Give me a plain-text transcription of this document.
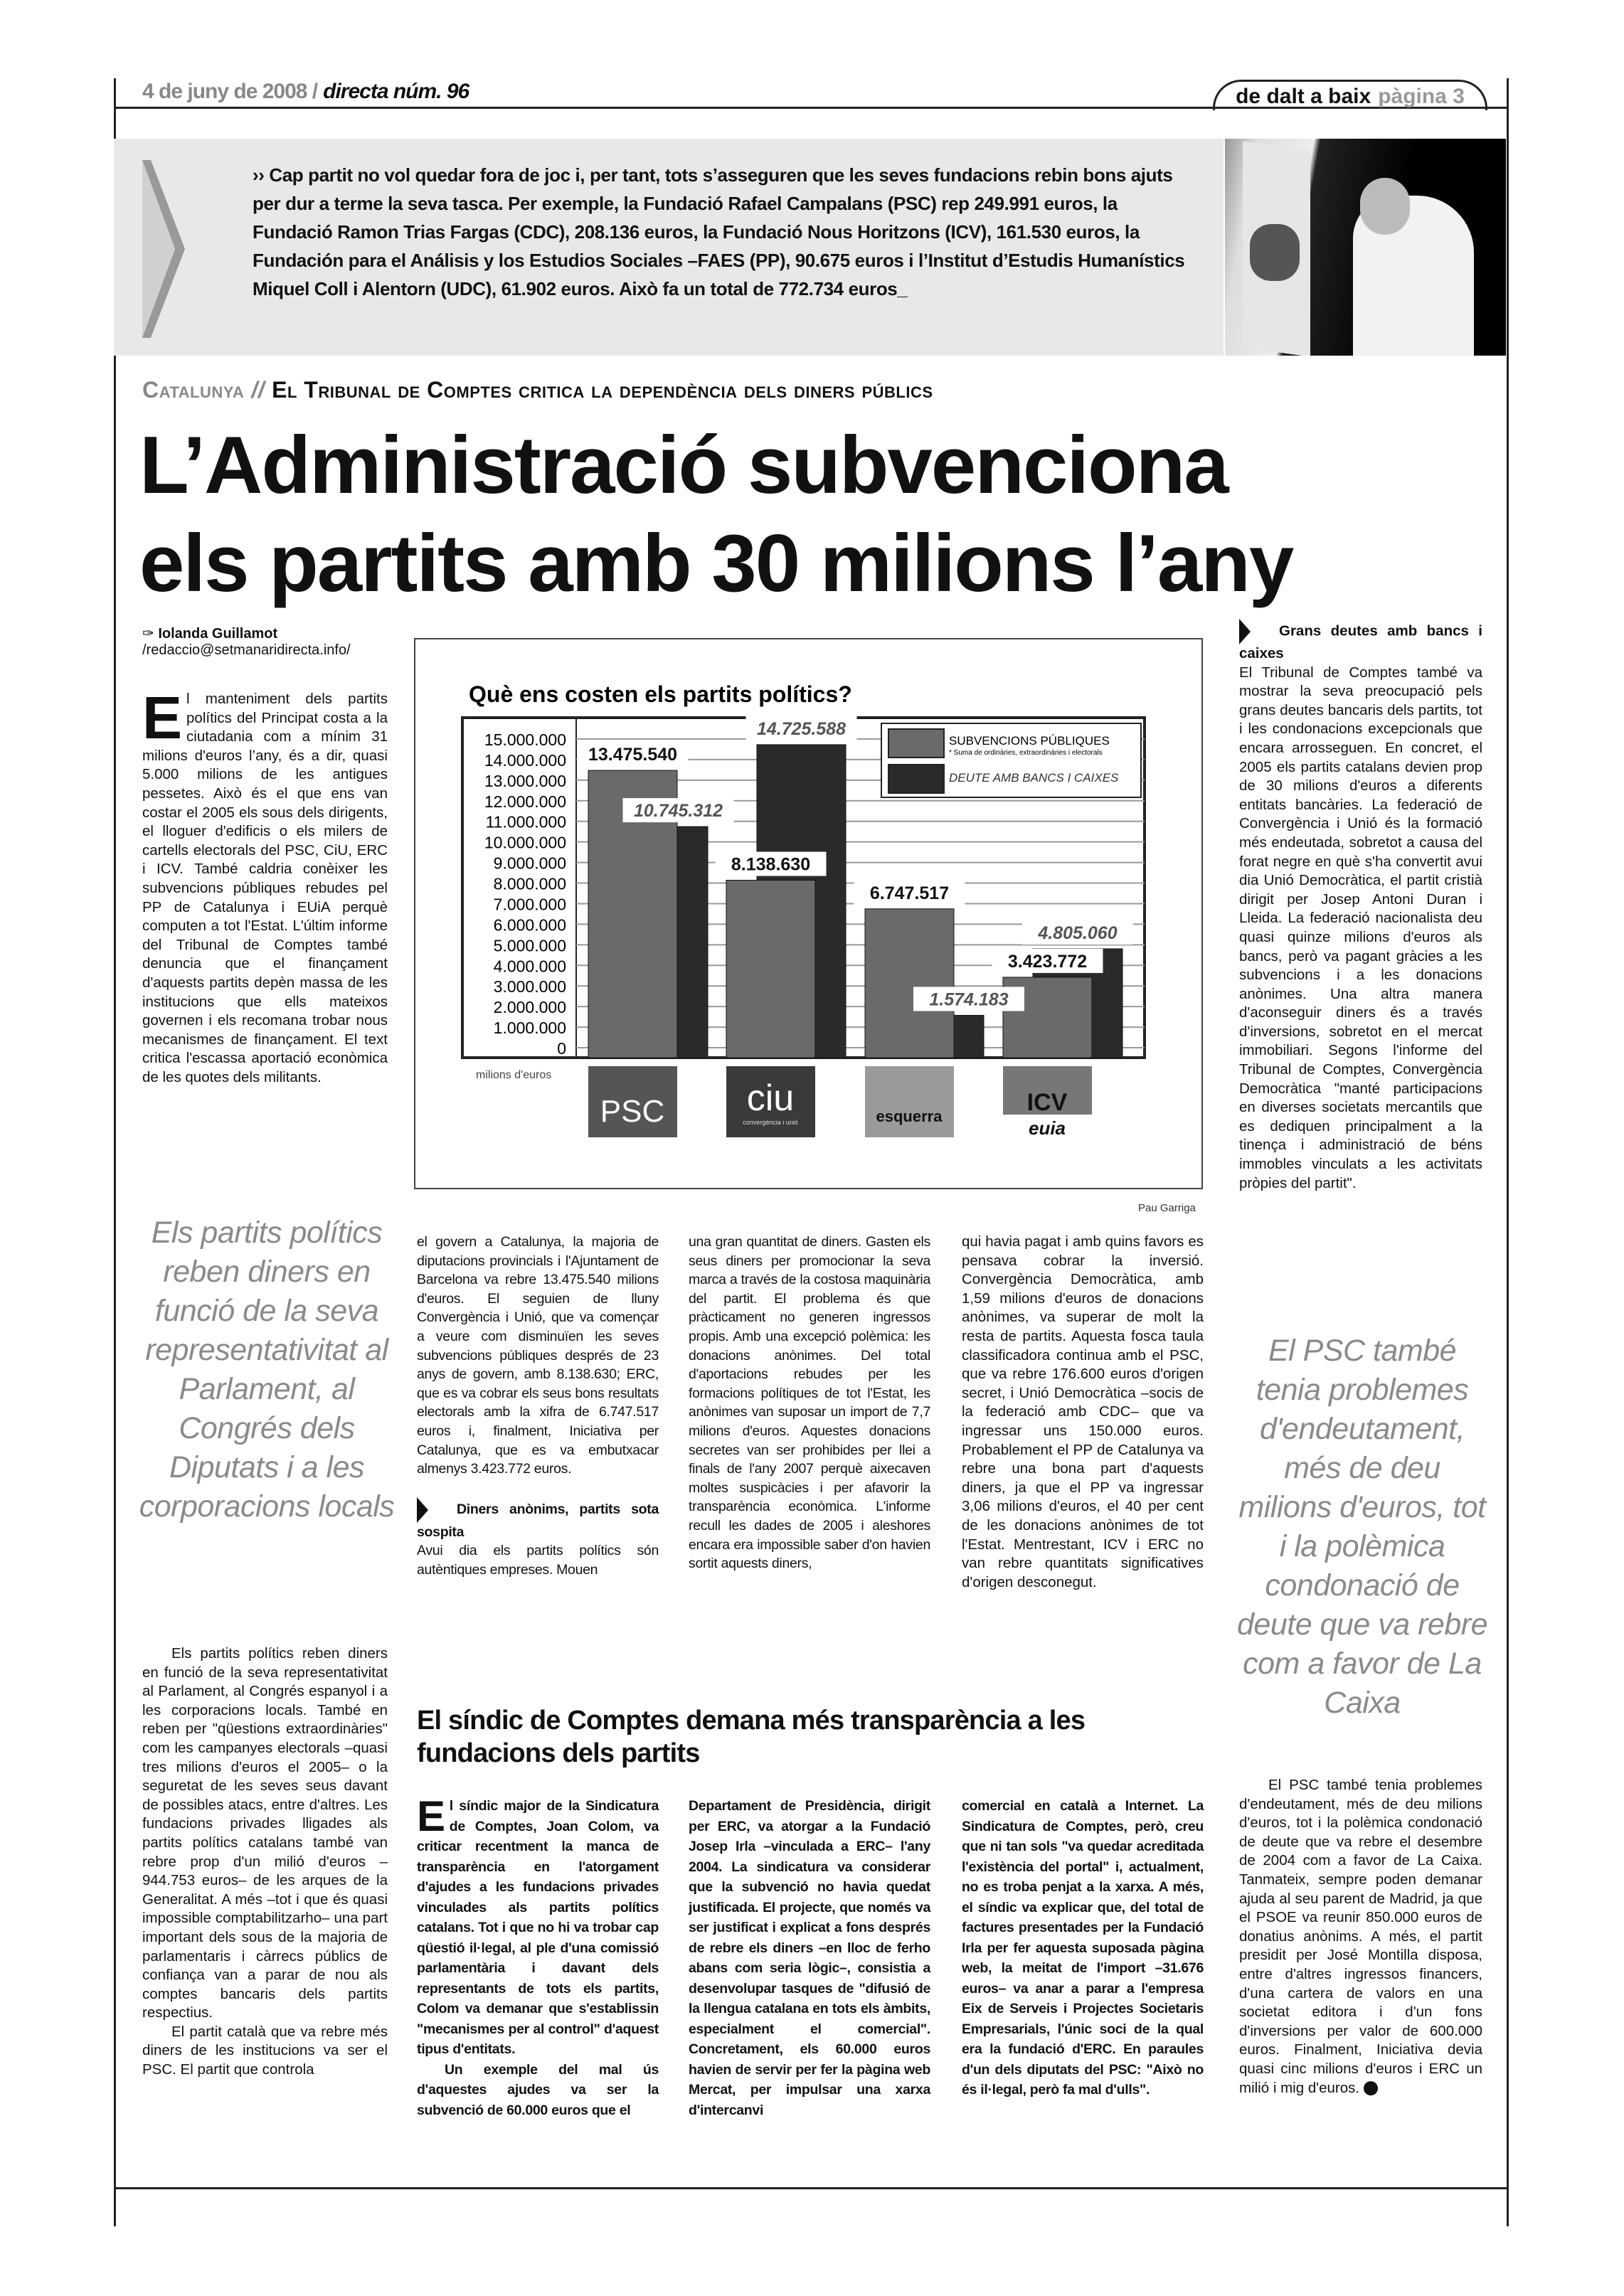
4 de juny de 2008 / directa núm. 96	de dalt a baix pàgina 3
›› Cap partit no vol quedar fora de joc i, per tant, tots s’asseguren que les seves fundacions rebin bons ajuts per dur a terme la seva tasca. Per exemple, la Fundació Rafael Campalans (PSC) rep 249.991 euros, la Fundació Ramon Trias Fargas (CDC), 208.136 euros, la Fundació Nous Horitzons (ICV), 161.530 euros, la Fundación para el Análisis y los Estudios Sociales –FAES (PP), 90.675 euros i l’Institut d’Estudis Humanístics Miquel Coll i Alentorn (UDC), 61.902 euros. Això fa un total de 772.734 euros_
Catalunya // El Tribunal de Comptes critica la dependència dels diners públics
L’Administració subvenciona
els partits amb 30 milions l’any
✑ Iolanda Guillamot
/redaccio@setmanaridirecta.info/
El manteniment dels partits polítics del Principat costa a la ciutadania com a mínim 31 milions d'euros l’any, és a dir, quasi 5.000 milions de les antigues pessetes. Això és el que ens van costar el 2005 els sous dels dirigents, el lloguer d'edificis o els milers de cartells electorals del PSC, CiU, ERC i ICV. També caldria conèixer les subvencions públiques rebudes pel PP de Catalunya i EUiA perquè computen a tot l'Estat. L'últim informe del Tribunal de Comptes també denuncia que el finançament d'aquests partits depèn massa de les institucions que ells mateixos governen i els recomana trobar nous mecanismes de finançament. El text critica l'escassa aportació econòmica de les quotes dels militants.
Els partits polítics reben diners en funció de la seva representativitat al Parlament, al Congrés dels Diputats i a les corporacions locals

Els partits polítics reben diners en funció de la seva representativitat al Parlament, al Congrés espanyol i a les corporacions locals. També en reben per "qüestions extraordinàries" com les campanyes electorals –quasi tres milions d'euros el 2005– o la seguretat de les seves seus davant de possibles atacs, entre d'altres. Les fundacions privades lligades als partits polítics catalans també van rebre prop d'un milió d'euros –944.753 euros– de les arques de la Generalitat. A més –tot i que és quasi impossible comptabilitzarho– una part important dels sous de la majoria de parlamentaris i càrrecs públics de confiança van a parar de nou als comptes bancaris dels partits respectius.

El partit català que va rebre més diners de les institucions va ser el PSC. El partit que controla

Què ens costen els partits polítics?
0
1.000.000
2.000.000
3.000.000
4.000.000
5.000.000
6.000.000
7.000.000
8.000.000
9.000.000
10.000.000
11.000.000
12.000.000
13.000.000
14.000.000
15.000.000
milions d'euros
13.475.540
8.138.630
6.747.517
3.423.772
10.745.312
14.725.588
1.574.183
4.805.060
SUBVENCIONS PÚBLIQUES
* Suma de ordinàries, extraordinàries i electorals
DEUTE AMB BANCS I CAIXES
PSC ciu
convergència i unió	esquerra
ICV
euia
Pau Garriga

el govern a Catalunya, la majoria de diputacions provincials i l'Ajuntament de Barcelona va rebre 13.475.540 milions d'euros. El seguien de lluny Convergència i Unió, que va començar a veure com disminuïen les seves subvencions públiques després de 23 anys de govern, amb 8.138.630; ERC, que es va cobrar els seus bons resultats electorals amb la xifra de 6.747.517 euros i, finalment, Iniciativa per Catalunya, que es va embutxacar almenys 3.423.772 euros.

Diners anònims, partits sota sospita

Avui dia els partits polítics són autèntiques empreses. Mouen

una gran quantitat de diners. Gasten els seus diners per promocionar la seva marca a través de la costosa maquinària del partit. El problema és que pràcticament no generen ingressos propis. Amb una excepció polèmica: les donacions anònimes. Del total d'aportacions rebudes per les formacions polítiques de tot l'Estat, les anònimes van suposar un import de 7,7 milions d'euros. Aquestes donacions secretes van ser prohibides per llei a finals de l'any 2007 perquè aixecaven moltes suspicàcies i per afavorir la transparència econòmica. L'informe recull les dades de 2005 i aleshores encara era impossible saber d'on havien sortit aquests diners,

qui havia pagat i amb quins favors es pensava cobrar la inversió. Convergència Democràtica, amb 1,59 milions d'euros de donacions anònimes, va superar de molt la resta de partits. Aquesta fosca taula classificadora continua amb el PSC, que va rebre 176.600 euros d'origen secret, i Unió Democràtica –socis de la federació amb CDC– que va ingressar uns 150.000 euros. Probablement el PP de Catalunya va rebre una bona part d'aquests diners, ja que el PP va ingressar 3,06 milions d'euros, el 40 per cent de les donacions anònimes de tot l'Estat. Mentrestant, ICV i ERC no van rebre quantitats significatives d'origen desconegut.

Grans deutes amb bancs i caixes

El Tribunal de Comptes també va mostrar la seva preocupació pels grans deutes bancaris dels partits, tot i les condonacions excepcionals que encara arrosseguen. En concret, el 2005 els partits catalans devien prop de 30 milions d'euros a diferents entitats bancàries. La federació de Convergència i Unió és la formació més endeutada, sobretot a causa del forat negre en què s'ha convertit avui dia Unió Democràtica, el partit cristià dirigit per Josep Antoni Duran i Lleida. La federació nacionalista deu quasi quinze milions d'euros als bancs, però va pagant gràcies a les subvencions i a les donacions anònimes. Una altra manera d'aconseguir diners és a través d'inversions, sobretot en el mercat immobiliari. Segons l'informe del Tribunal de Comptes, Convergència Democràtica "manté participacions en diverses societats mercantils que es dediquen principalment a la tinença i administració de béns immobles vinculats a les activitats pròpies del partit".

El PSC també tenia problemes d'endeutament, més de deu milions d'euros, tot i la polèmica condonació de deute que va rebre com a favor de La Caixa

El PSC també tenia problemes d'endeutament, més de deu milions d'euros, tot i la polèmica condonació de deute que va rebre el desembre de 2004 com a favor de La Caixa. Tanmateix, sempre poden demanar ajuda al seu parent de Madrid, ja que el PSOE va reunir 850.000 euros de donatius anònims. A més, el partit presidit per José Montilla disposa, entre d'altres ingressos financers, d'una cartera de valors en una societat editora i d'un fons d'inversions per valor de 600.000 euros. Finalment, Iniciativa devia quasi cinc milions d'euros i ERC un milió i mig d'euros.	d

El síndic de Comptes demana més transparència a les fundacions dels partits

El síndic major de la Sindicatura de Comptes, Joan Colom, va criticar recentment la manca de transparència en l'atorgament d'ajudes a les fundacions privades vinculades als partits polítics catalans. Tot i que no hi va trobar cap qüestió il·legal, al ple d'una comissió parlamentària i davant dels representants de tots els partits, Colom va demanar que s'establissin "mecanismes per al control" d'aquest tipus d'entitats.

Un exemple del mal ús d'aquestes ajudes va ser la subvenció de 60.000 euros que el

Departament de Presidència, dirigit per ERC, va atorgar a la Fundació Josep Irla –vinculada a ERC– l'any 2004. La sindicatura va considerar que la subvenció no havia quedat justificada. El projecte, que només va ser justificat i explicat a fons després de rebre els diners –en lloc de ferho abans com seria lògic–, consistia a desenvolupar tasques de "difusió de la llengua catalana en tots els àmbits, especialment el comercial". Concretament, els 60.000 euros havien de servir per fer la pàgina web Mercat, per impulsar una xarxa d'intercanvi

comercial en català a Internet. La Sindicatura de Comptes, però, creu que ni tan sols "va quedar acreditada l'existència del portal" i, actualment, no es troba penjat a la xarxa. A més, el síndic va explicar que, del total de factures presentades per la Fundació Irla per fer aquesta suposada pàgina web, la meitat de l'import –31.676 euros– va anar a parar a l'empresa Eix de Serveis i Projectes Societaris Empresarials, l'únic soci de la qual era la fundació d'ERC. En paraules d'un dels diputats del PSC: "Això no és il·legal, però fa mal d'ulls".
